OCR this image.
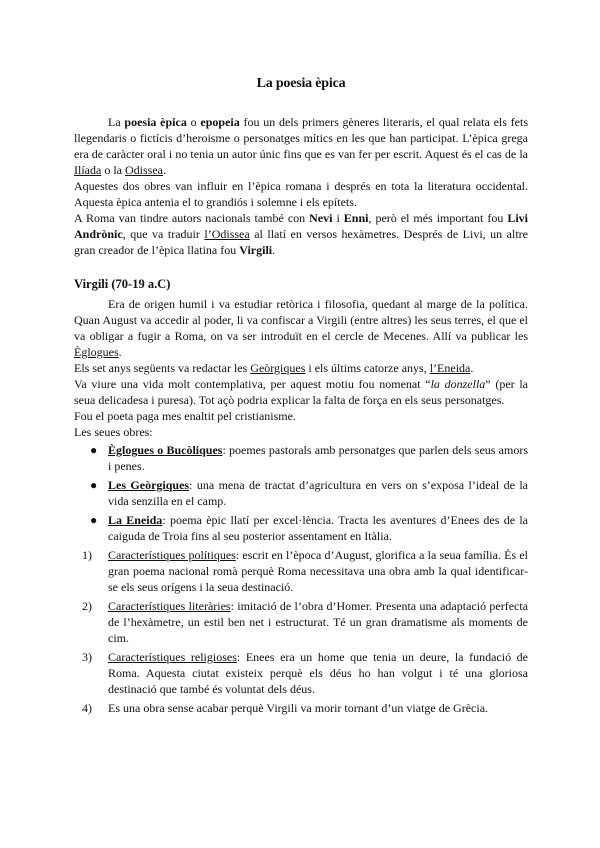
La poesia èpica

La poesia èpica o epopeia fou un dels primers gèneres literaris, el qual relata els fets llegendaris o fictícis d’heroisme o personatges mítics en les que han participat. L’èpica grega era de caràcter oral i no tenia un autor únic fins que es van fer per escrit. Aquest és el cas de la Ilíada o la Odissea.

Aquestes dos obres van influir en l’èpica romana i després en tota la literatura occidental. Aquesta èpica antenia el to grandiós i solemne i els epítets.

A Roma van tindre autors nacionals també con Nevi i Enni, però el més important fou Livi Andrònic, que va traduir l’Odissea al llatí en versos hexàmetres. Després de Livi, un altre gran creador de l’èpica llatina fou Virgili.

Virgili (70-19 a.C)

Era de origen humil i va estudiar retòrica i filosofia, quedant al marge de la política. Quan August va accedir al poder, li va confiscar a Virgili (entre altres) les seus terres, el que el va obligar a fugir a Roma, on va ser introduït en el cercle de Mecenes. Allí va publicar les Èglogues.

Els set anys següents va redactar les Geòrgiques i els últims catorze anys, l’Eneida.

Va viure una vida molt contemplativa, per aquest motiu fou nomenat “la donzella” (per la seua delicadesa i puresa). Tot açò podria explicar la falta de força en els seus personatges.

Fou el poeta paga mes enaltit pel cristianisme.

Les seues obres:

● Èglogues o Bucòliques: poemes pastorals amb personatges que parlen dels seus amors i penes.
● Les Geòrgiques: una mena de tractat d’agricultura en vers on s’exposa l’ideal de la vida senzilla en el camp.
● La Eneida: poema èpic llatí per excel·lència. Tracta les aventures d’Enees des de la caiguda de Troia fins al seu posterior assentament en Itàlia.
1) Característiques polítiques: escrit en l’època d’August, glorifica a la seua família. És el gran poema nacional romà perquè Roma necessitava una obra amb la qual identificar-se els seus orígens i la seua destinació.
2) Característiques literàries: imitació de l’obra d’Homer. Presenta una adaptació perfecta de l’hexàmetre, un estil ben net i estructurat. Té un gran dramatisme als moments de cim.
3) Característiques religioses: Enees era un home que tenia un deure, la fundació de Roma. Aquesta ciutat existeix perquè els déus ho han volgut i té una gloriosa destinació que també és voluntat dels déus.
4) Es una obra sense acabar perquè Virgili va morir tornant d’un viatge de Grècia.
